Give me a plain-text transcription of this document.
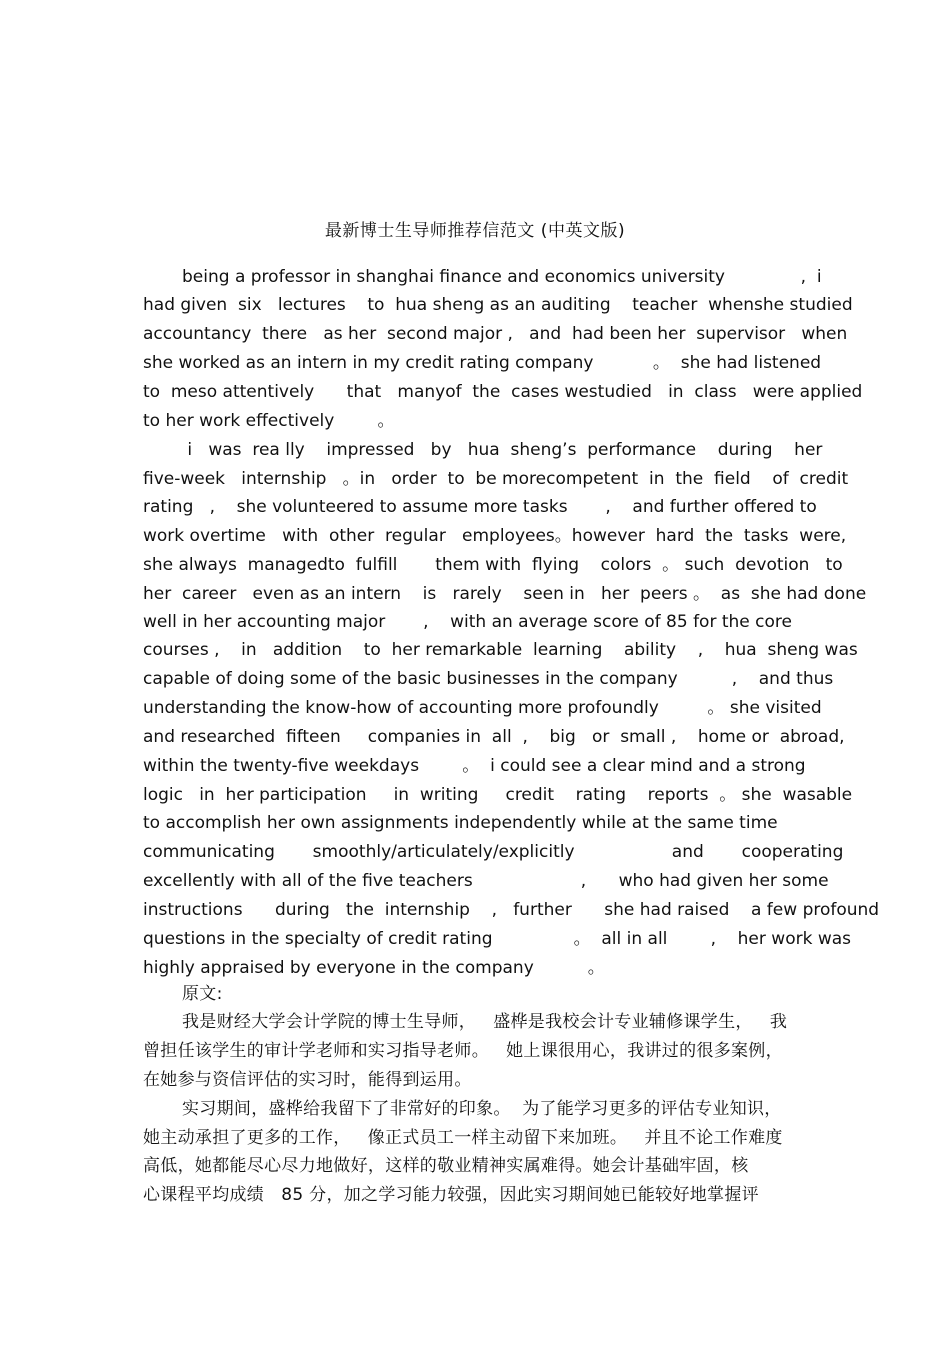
最新博士生导师推荐信范文 (中英文版)

being a professor in shanghai finance and economics university              ,  i

had given  six   lectures    to  hua sheng as an auditing    teacher  whenshe studied

accountancy  there   as her  second major ,   and  had been her  supervisor   when

she worked as an intern in my credit rating company           。  she had listened

to  meso attentively      that   manyof  the  cases westudied   in  class   were applied

to her work effectively        。

i   was  rea lly    impressed   by   hua  sheng’s  performance    during    her

five-week   internship   。in   order  to  be morecompetent  in  the  field    of  credit

rating   ,    she volunteered to assume more tasks       ,    and further offered to

work overtime   with  other  regular   employees。however  hard  the  tasks  were,

she always  managedto  fulfill       them with  flying    colors  。 such  devotion   to

her  career   even as an intern    is   rarely    seen in   her  peers 。  as  she had done

well in her accounting major       ,    with an average score of 85 for the core

courses ,    in   addition    to  her remarkable  learning    ability    ,    hua  sheng was

capable of doing some of the basic businesses in the company          ,    and thus

understanding the know-how of accounting more profoundly         。 she visited

and researched  fifteen     companies in  all  ,    big   or  small ,    home or  abroad,

within the twenty-five weekdays        。  i could see a clear mind and a strong

logic   in  her participation     in  writing     credit    rating    reports  。 she  wasable

to accomplish her own assignments independently while at the same time

communicating       smoothly/articulately/explicitly                  and       cooperating

excellently with all of the five teachers                    ,      who had given her some

instructions      during   the  internship    ,   further      she had raised    a few profound

questions in the specialty of credit rating               。  all in all        ,    her work was

highly appraised by everyone in the company          。

原文:

我是财经大学会计学院的博士生导师，   盛桦是我校会计专业辅修课学生，   我

曾担任该学生的审计学老师和实习指导老师。   她上课很用心，我讲过的很多案例，

在她参与资信评估的实习时，能得到运用。

实习期间，盛桦给我留下了非常好的印象。  为了能学习更多的评估专业知识，

她主动承担了更多的工作，   像正式员工一样主动留下来加班。   并且不论工作难度

高低，她都能尽心尽力地做好，这样的敬业精神实属难得。她会计基础牢固，核

心课程平均成绩   85 分，加之学习能力较强，因此实习期间她已能较好地掌握评
